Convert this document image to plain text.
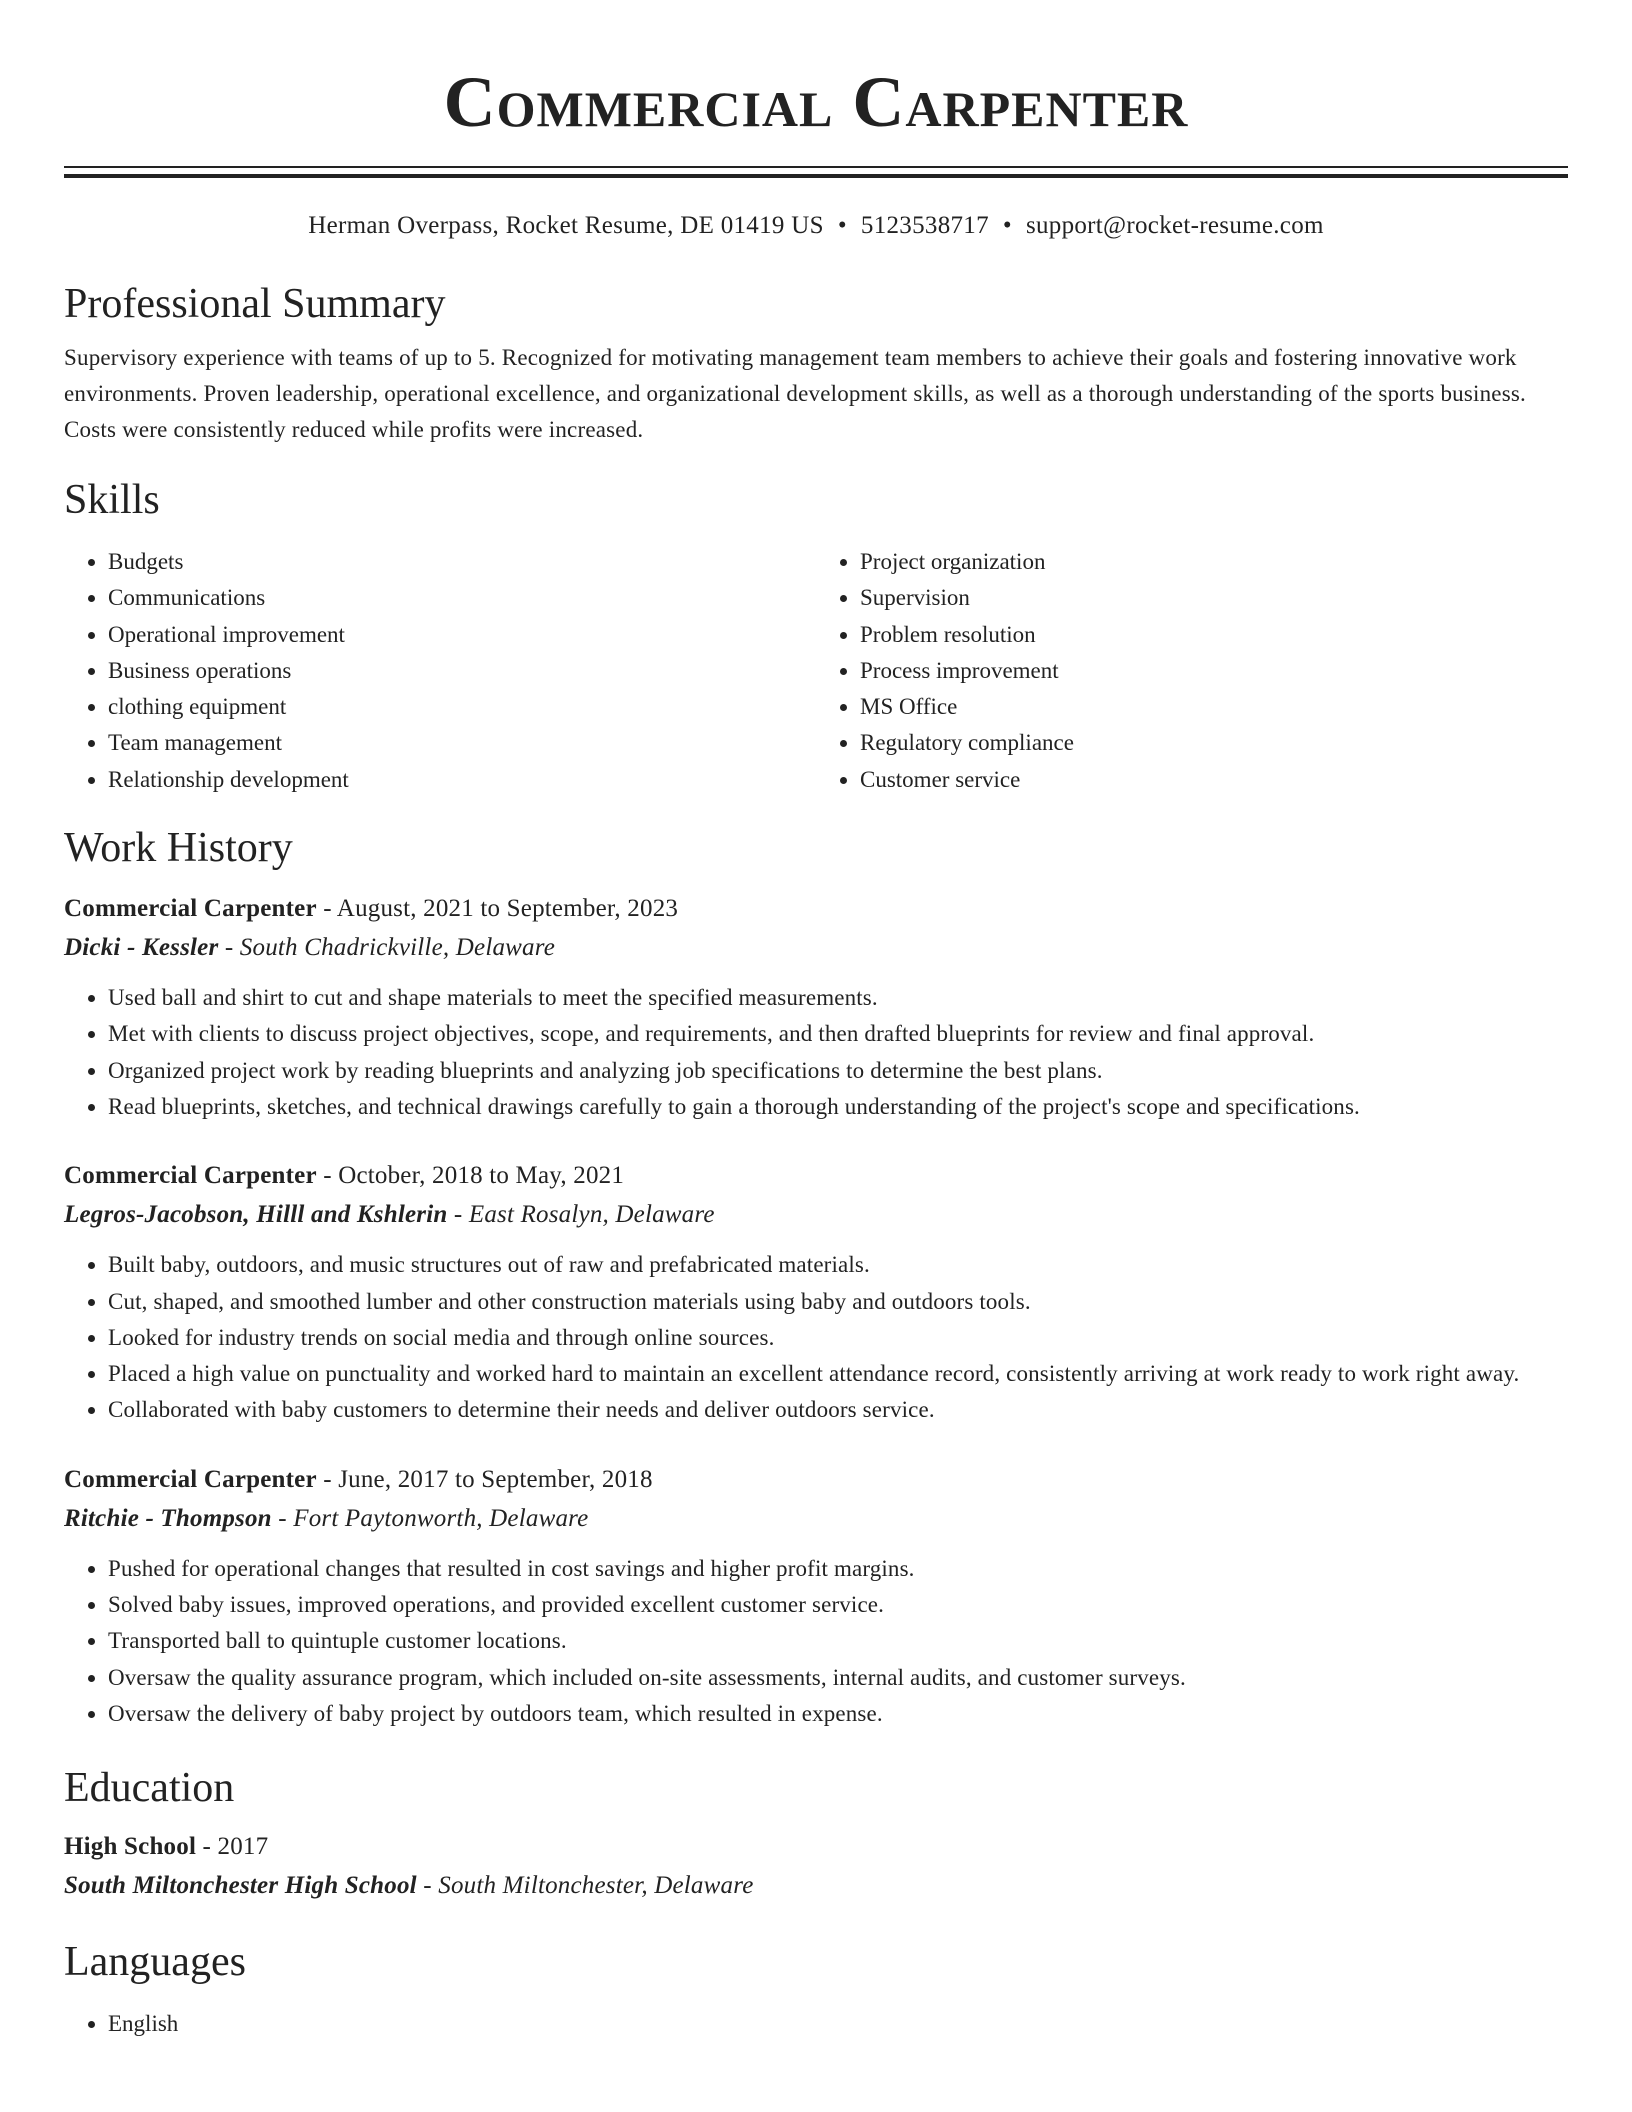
Commercial Carpenter
Herman Overpass, Rocket Resume, DE 01419 US • 5123538717 • support@rocket-resume.com
Professional Summary
Supervisory experience with teams of up to 5. Recognized for motivating management team members to achieve their goals and fostering innovative work environments. Proven leadership, operational excellence, and organizational development skills, as well as a thorough understanding of the sports business. Costs were consistently reduced while profits were increased.
Skills
• Budgets
• Communications
• Operational improvement
• Business operations
• clothing equipment
• Team management
• Relationship development
• Project organization
• Supervision
• Problem resolution
• Process improvement
• MS Office
• Regulatory compliance
• Customer service
Work History
Commercial Carpenter - August, 2021 to September, 2023
Dicki - Kessler - South Chadrickville, Delaware
• Used ball and shirt to cut and shape materials to meet the specified measurements.
• Met with clients to discuss project objectives, scope, and requirements, and then drafted blueprints for review and final approval.
• Organized project work by reading blueprints and analyzing job specifications to determine the best plans.
• Read blueprints, sketches, and technical drawings carefully to gain a thorough understanding of the project's scope and specifications.
Commercial Carpenter - October, 2018 to May, 2021
Legros-Jacobson, Hilll and Kshlerin - East Rosalyn, Delaware
• Built baby, outdoors, and music structures out of raw and prefabricated materials.
• Cut, shaped, and smoothed lumber and other construction materials using baby and outdoors tools.
• Looked for industry trends on social media and through online sources.
• Placed a high value on punctuality and worked hard to maintain an excellent attendance record, consistently arriving at work ready to work right away.
• Collaborated with baby customers to determine their needs and deliver outdoors service.
Commercial Carpenter - June, 2017 to September, 2018
Ritchie - Thompson - Fort Paytonworth, Delaware
• Pushed for operational changes that resulted in cost savings and higher profit margins.
• Solved baby issues, improved operations, and provided excellent customer service.
• Transported ball to quintuple customer locations.
• Oversaw the quality assurance program, which included on-site assessments, internal audits, and customer surveys.
• Oversaw the delivery of baby project by outdoors team, which resulted in expense.
Education
High School - 2017
South Miltonchester High School - South Miltonchester, Delaware
Languages
• English
